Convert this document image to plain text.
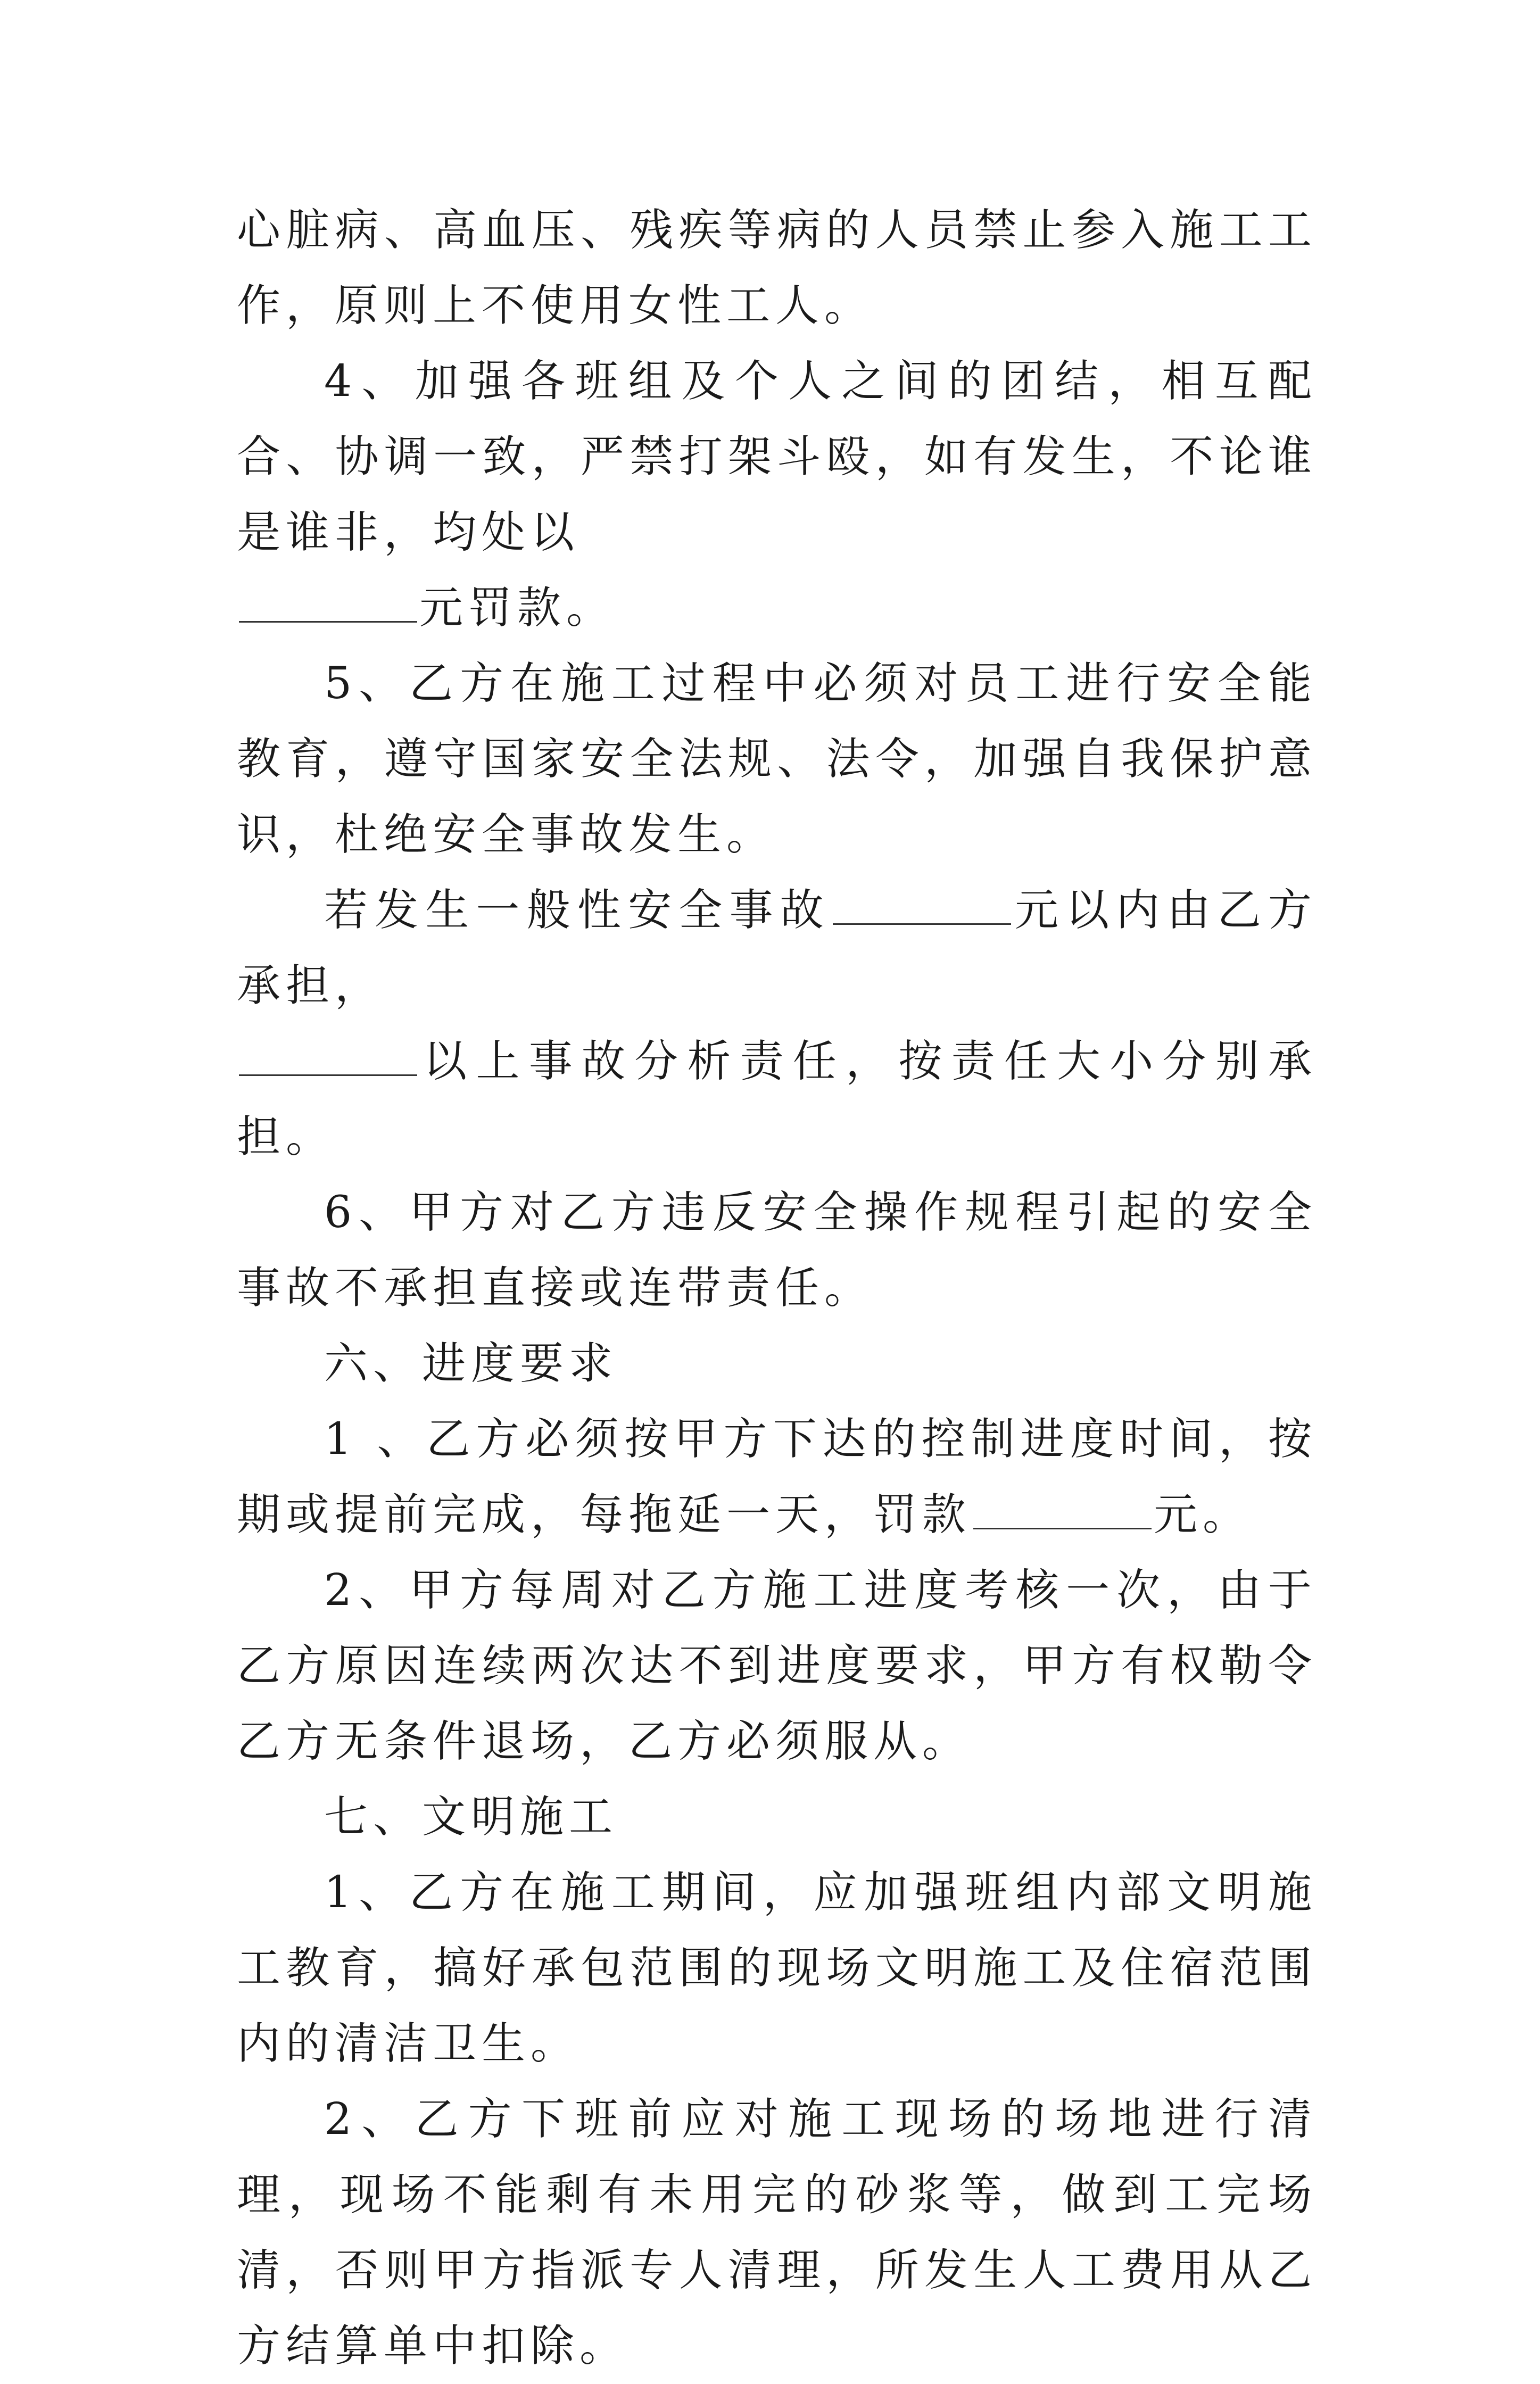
心脏病、高血压、残疾等病的人员禁止参入施工工作，原则上不使用女性工人。

4、加强各班组及个人之间的团结，相互配合、协调一致，严禁打架斗殴，如有发生，不论谁是谁非，均处以
元罚款。

5、乙方在施工过程中必须对员工进行安全能教育，遵守国家安全法规、法令，加强自我保护意识，杜绝安全事故发生。

若发生一般性安全事故	元以内由乙方承担，
以上事故分析责任，按责任大小分别承担。

6、甲方对乙方违反安全操作规程引起的安全事故不承担直接或连带责任。

六、进度要求

1 、乙方必须按甲方下达的控制进度时间，按期或提前完成，每拖延一天，罚款	元。

2、甲方每周对乙方施工进度考核一次，由于乙方原因连续两次达不到进度要求，甲方有权勒令乙方无条件退场，乙方必须服从。

七、文明施工

1、乙方在施工期间，应加强班组内部文明施工教育，搞好承包范围的现场文明施工及住宿范围内的清洁卫生。

2、乙方下班前应对施工现场的场地进行清理，现场不能剩有未用完的砂浆等，做到工完场清，否则甲方指派专人清理，所发生人工费用从乙方结算单中扣除。
